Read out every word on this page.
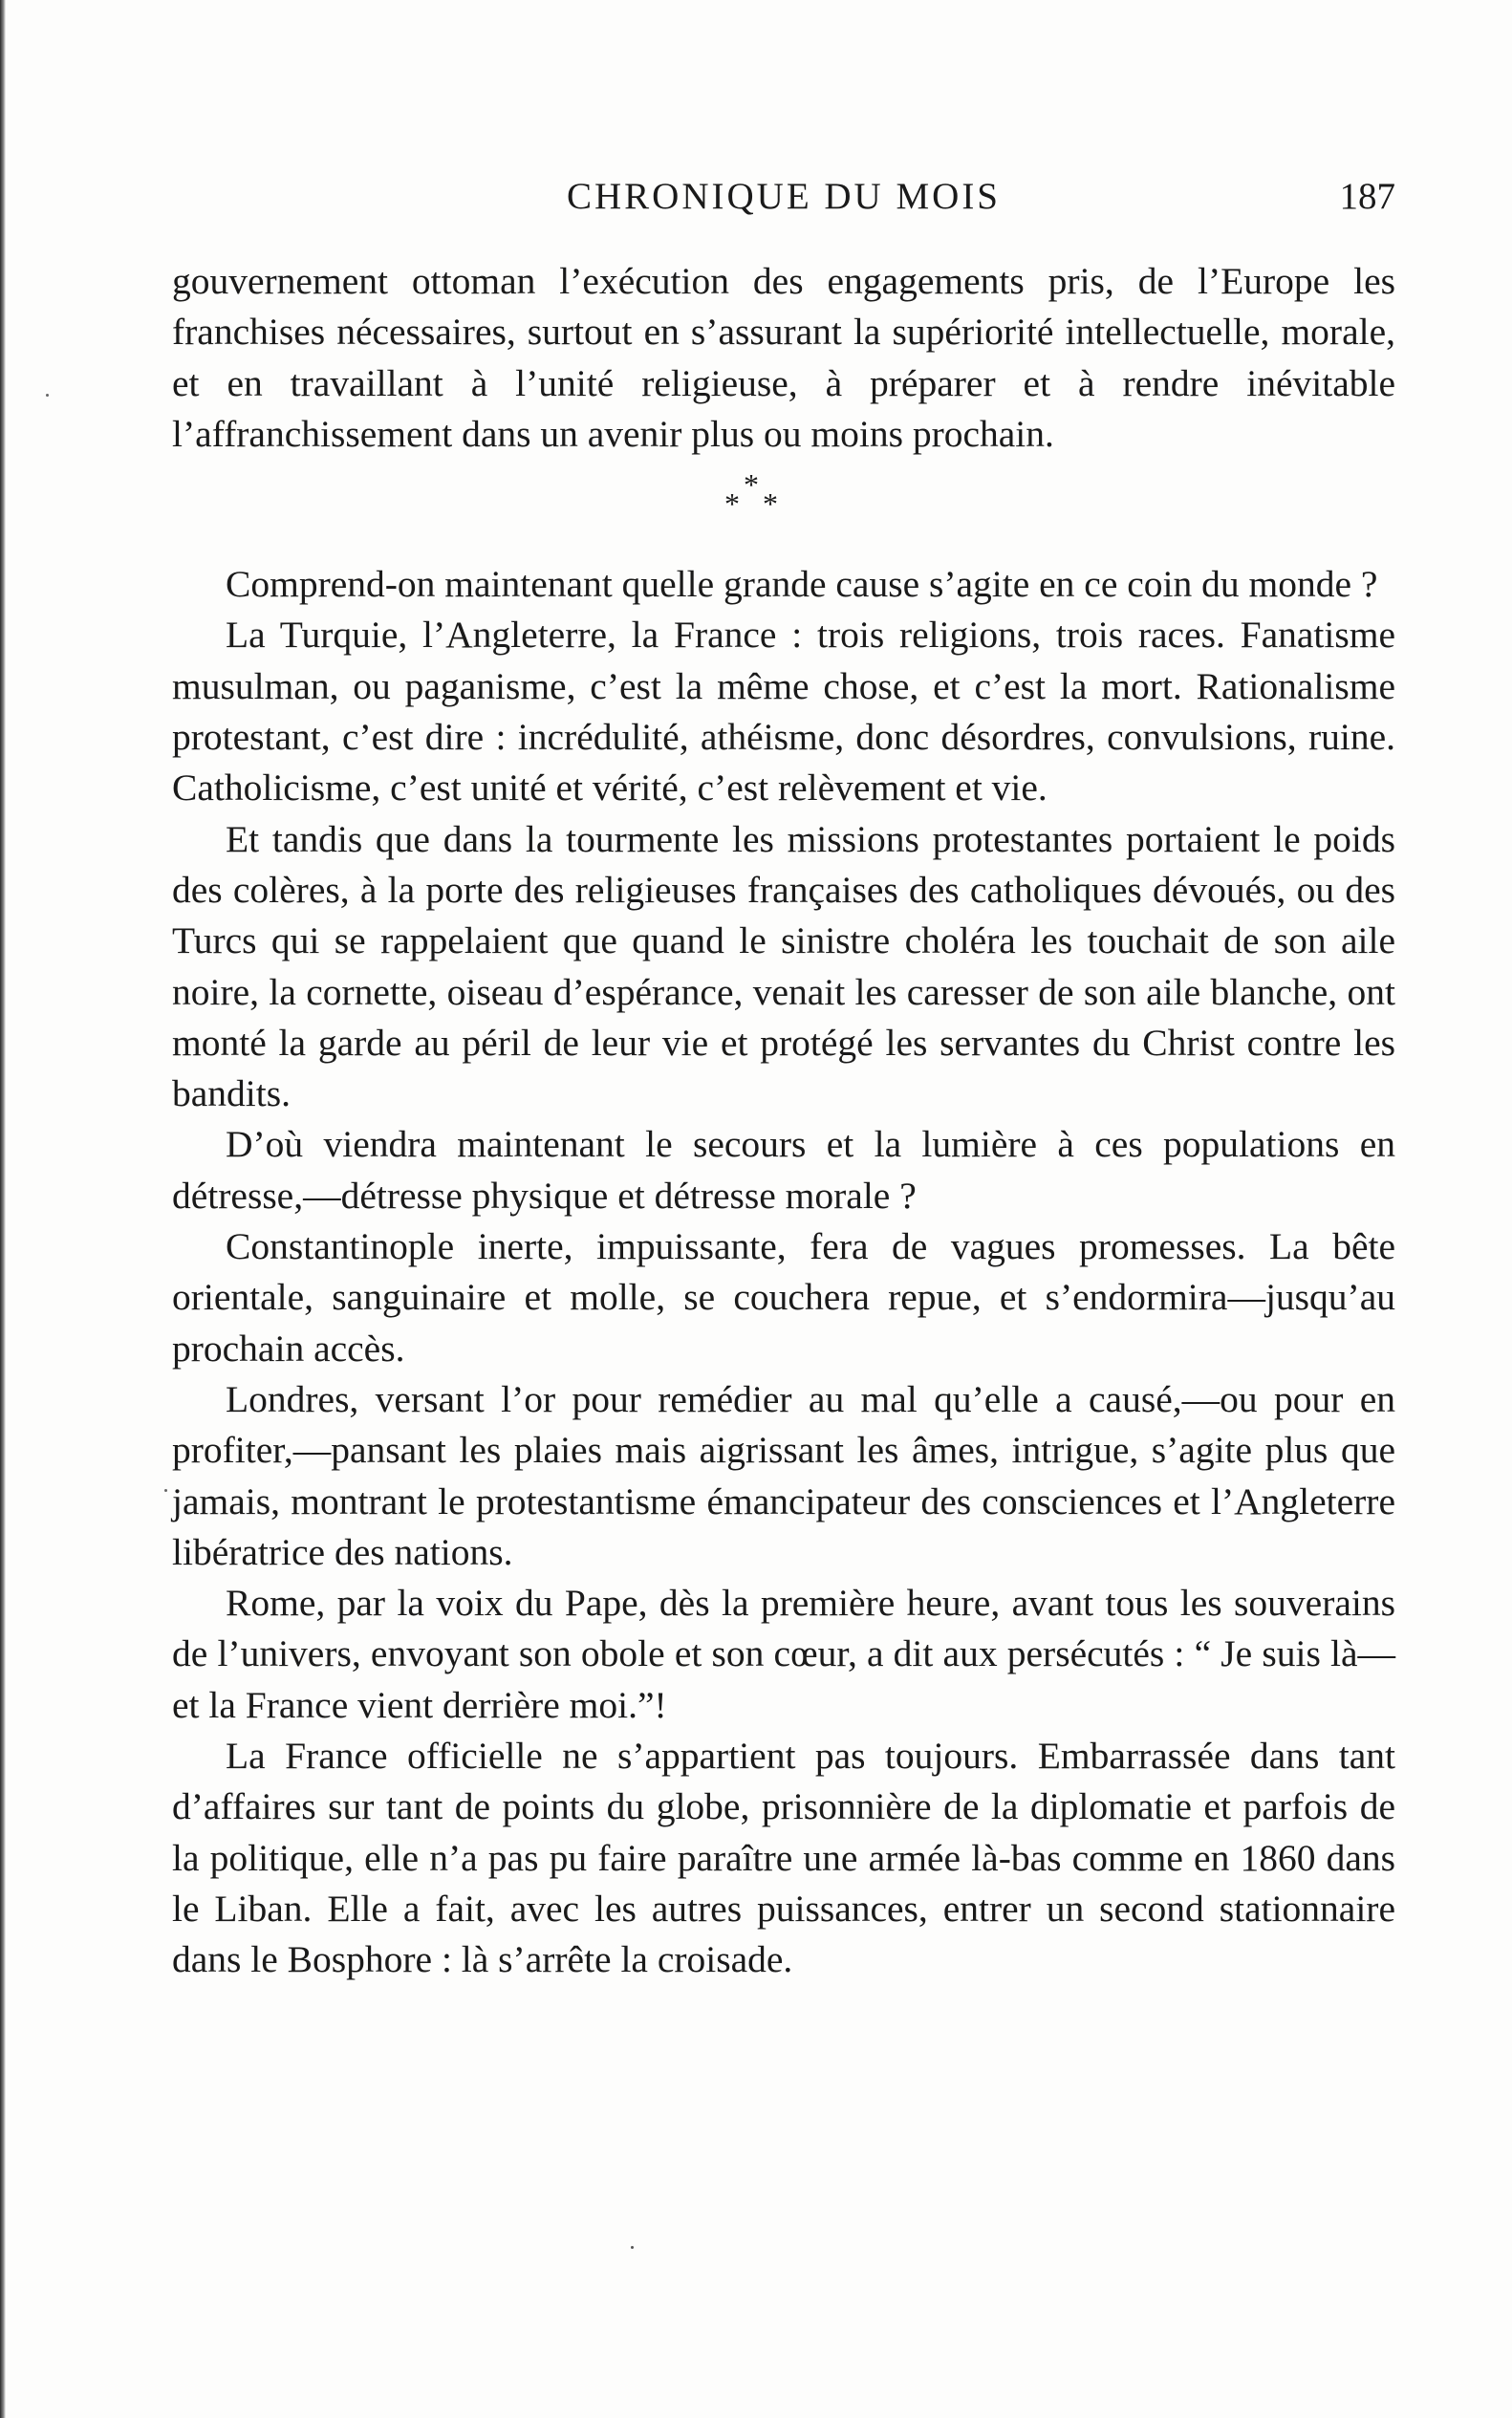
CHRONIQUE DU MOIS	187

gouvernement ottoman l’exécution des engagements pris, de l’Europe les franchises nécessaires, surtout en s’assurant la supériorité intellectuelle, morale, et en travaillant à l’unité religieuse, à préparer et à rendre inévitable l’affranchissement dans un avenir plus ou moins prochain.

*
* *

Comprend-on maintenant quelle grande cause s’agite en ce coin du monde ?

La Turquie, l’Angleterre, la France : trois religions, trois races. Fanatisme musulman, ou paganisme, c’est la même chose, et c’est la mort. Rationalisme protestant, c’est dire : incrédulité, athéisme, donc désordres, convulsions, ruine. Catholicisme, c’est unité et vérité, c’est relèvement et vie.

Et tandis que dans la tourmente les missions protestantes portaient le poids des colères, à la porte des religieuses françaises des catholiques dévoués, ou des Turcs qui se rappelaient que quand le sinistre choléra les touchait de son aile noire, la cornette, oiseau d’espérance, venait les caresser de son aile blanche, ont monté la garde au péril de leur vie et protégé les servantes du Christ contre les bandits.

D’où viendra maintenant le secours et la lumière à ces populations en détresse,—détresse physique et détresse morale ?

Constantinople inerte, impuissante, fera de vagues promesses. La bête orientale, sanguinaire et molle, se couchera repue, et s’endormira—jusqu’au prochain accès.

Londres, versant l’or pour remédier au mal qu’elle a causé,—ou pour en profiter,—pansant les plaies mais aigrissant les âmes, intrigue, s’agite plus que jamais, montrant le protestantisme émancipateur des consciences et l’Angleterre libératrice des nations.

Rome, par la voix du Pape, dès la première heure, avant tous les souverains de l’univers, envoyant son obole et son cœur, a dit aux persécutés : “ Je suis là—et la France vient derrière moi.”!

La France officielle ne s’appartient pas toujours. Embarrassée dans tant d’affaires sur tant de points du globe, prisonnière de la diplomatie et parfois de la politique, elle n’a pas pu faire paraître une armée là-bas comme en 1860 dans le Liban. Elle a fait, avec les autres puissances, entrer un second stationnaire dans le Bosphore : là s’arrête la croisade.
